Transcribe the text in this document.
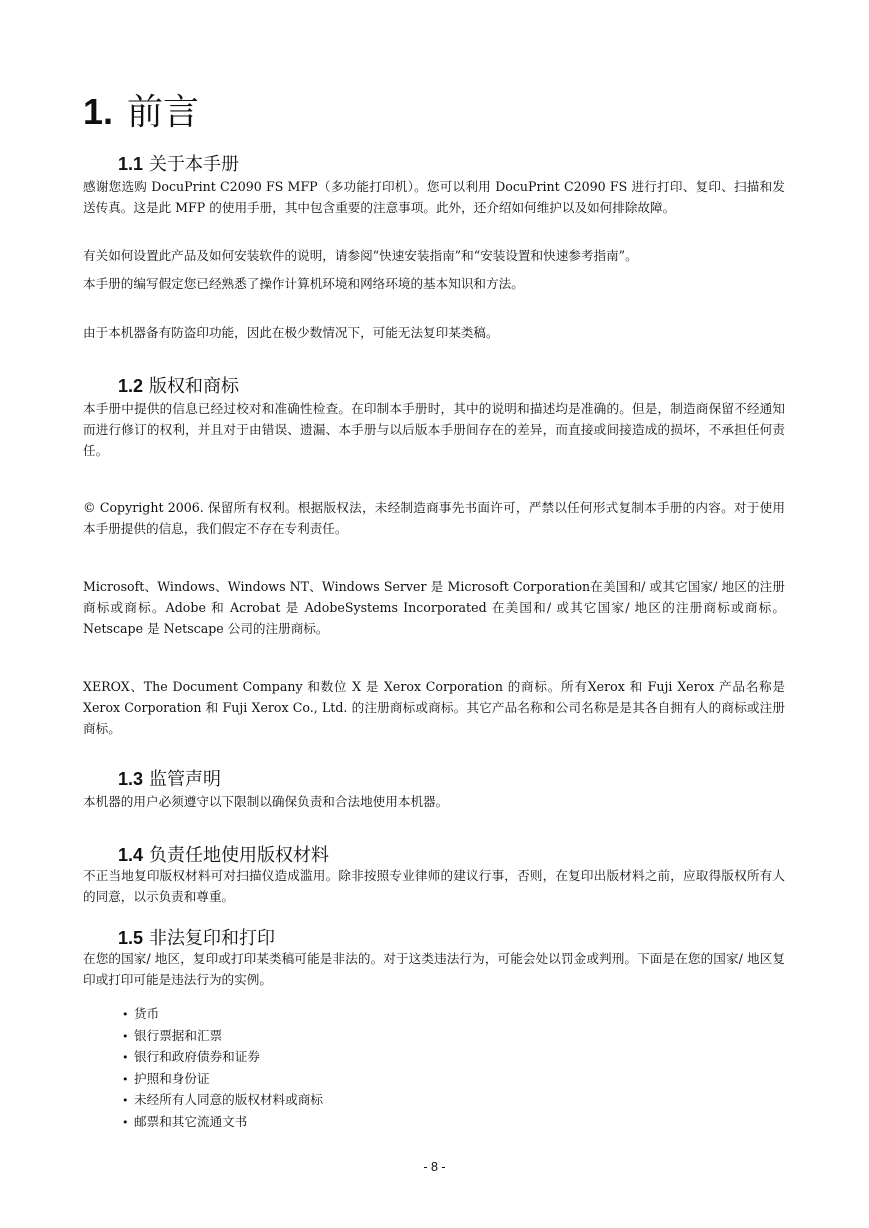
1. 前言
1.1 关于本手册

感谢您选购 DocuPrint C2090 FS MFP（多功能打印机）。您可以利用 DocuPrint C2090 FS 进行打印、复印、扫描和发送传真。这是此 MFP 的使用手册，其中包含重要的注意事项。此外，还介绍如何维护以及如何排除故障。

有关如何设置此产品及如何安装软件的说明，请参阅“快速安装指南”和“安装设置和快速参考指南”。

本手册的编写假定您已经熟悉了操作计算机环境和网络环境的基本知识和方法。

由于本机器备有防盗印功能，因此在极少数情况下，可能无法复印某类稿。

1.2 版权和商标

本手册中提供的信息已经过校对和准确性检查。在印制本手册时，其中的说明和描述均是准确的。但是，制造商保留不经通知而进行修订的权利，并且对于由错误、遗漏、本手册与以后版本手册间存在的差异，而直接或间接造成的损坏，不承担任何责任。

© Copyright 2006. 保留所有权利。根据版权法，未经制造商事先书面许可，严禁以任何形式复制本手册的内容。对于使用本手册提供的信息，我们假定不存在专利责任。

Microsoft、Windows、Windows NT、Windows Server 是 Microsoft Corporation在美国和/ 或其它国家/ 地区的注册商标或商标。Adobe 和 Acrobat 是 AdobeSystems Incorporated 在美国和/ 或其它国家/ 地区的注册商标或商标。Netscape 是 Netscape 公司的注册商标。

XEROX、The Document Company 和数位 X 是 Xerox Corporation 的商标。所有Xerox 和 Fuji Xerox 产品名称是 Xerox Corporation 和 Fuji Xerox Co., Ltd. 的注册商标或商标。其它产品名称和公司名称是是其各自拥有人的商标或注册商标。

1.3 监管声明

本机器的用户必须遵守以下限制以确保负责和合法地使用本机器。

1.4 负责任地使用版权材料

不正当地复印版权材料可对扫描仪造成滥用。除非按照专业律师的建议行事，否则，在复印出版材料之前，应取得版权所有人的同意，以示负责和尊重。

1.5 非法复印和打印

在您的国家/ 地区，复印或打印某类稿可能是非法的。对于这类违法行为，可能会处以罚金或判刑。下面是在您的国家/ 地区复印或打印可能是违法行为的实例。

• 货币
• 银行票据和汇票
• 银行和政府债券和证券
• 护照和身份证
• 未经所有人同意的版权材料或商标
• 邮票和其它流通文书
- 8 -
